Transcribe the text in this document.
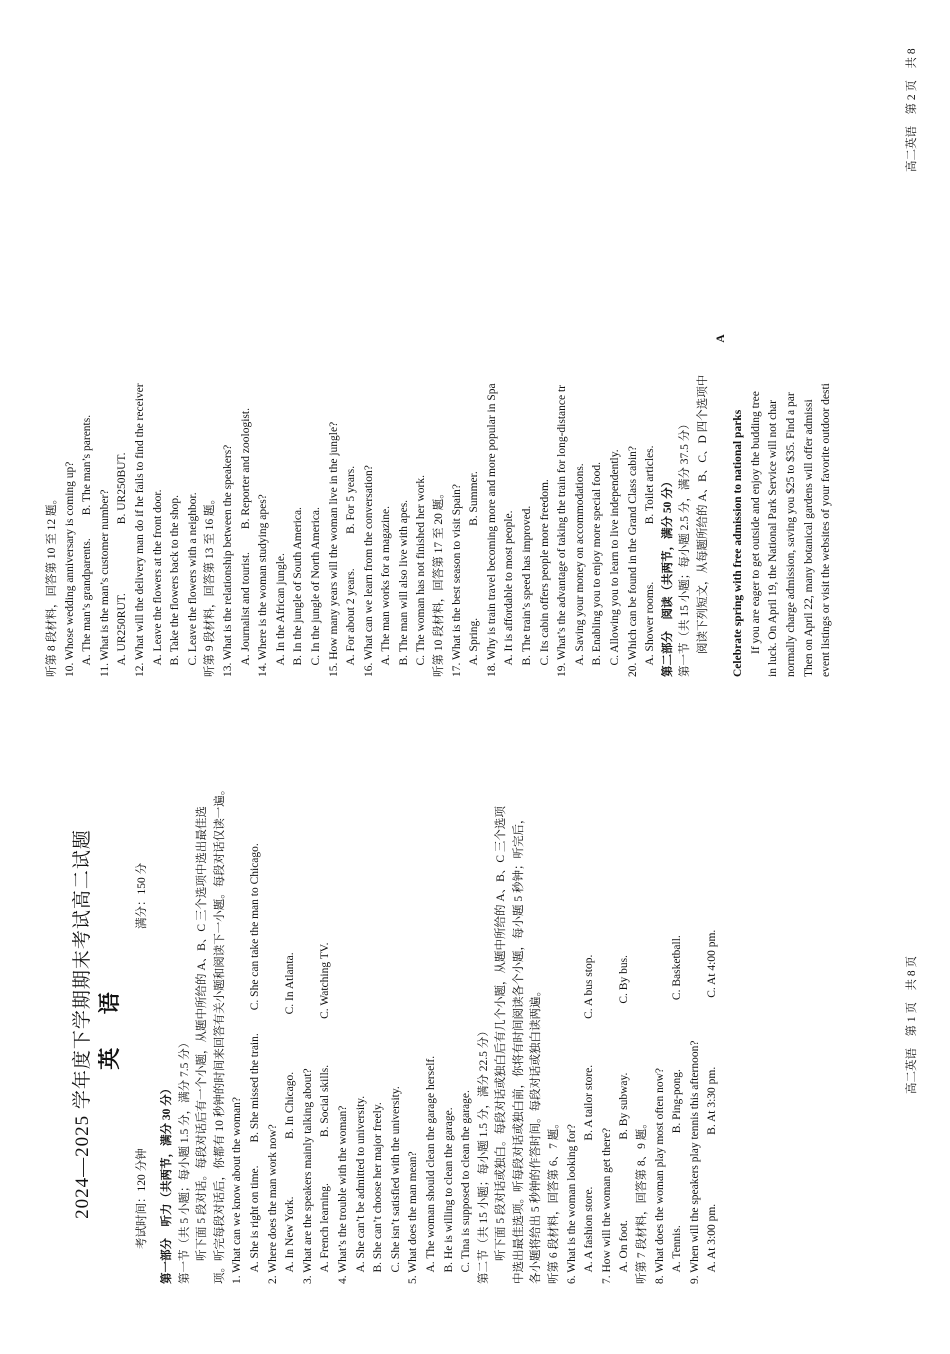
2024—2025 学年度下学期期末考试高二试题 英 语
考试时间：120 分钟
满分：150 分
第一部分　听力（共两节，满分 30 分） 第一节（共 5 小题；每小题 1.5 分，满分 7.5 分） 　　听下面 5 段对话。每段对话后有一个小题，从题中所给的 A、B、C 三个选项中选出最佳选 项。听完每段对话后，你都有 10 秒钟的时间来回答有关小题和阅读下一小题。每段对话仅读一遍。 1. What can we know about the woman? 　A. She is right on time.　　B. She missed the train.　　C. She can take the man to Chicago. 2. Where does the man work now? 　A. In New York.　　　　　B. In Chicago.　　　　　C. In Atlanta. 3. What are the speakers mainly talking about? 　A. French learning.　　　　B. Social skills.　　　　C. Watching TV. 4. What’s the trouble with the woman? 　A. She can’t be admitted to university. 　B. She can’t choose her major freely. 　C. She isn’t satisfied with the university. 5. What does the man mean? 　A. The woman should clean the garage herself. 　B. He is willing to clean the garage. 　C. Tina is supposed to clean the garage. 第二节（共 15 小题；每小题 1.5 分，满分 22.5 分） 　　听下面 5 段对话或独白。每段对话或独白后有几个小题，从题中所给的 A、B、C 三个选项 中选出最佳选项。听每段对话或独白前，你将有时间阅读各个小题，每小题 5 秒钟；听完后， 各小题将给出 5 秒钟的作答时间。每段对话或独白读两遍。 听第 6 段材料，回答第 6、7 题。 6. What is the woman looking for? 　A. A fashion store.　　　　B. A tailor store.　　　　C. A bus stop. 7. How will the woman get there? 　A. On foot.　　　　　　　B. By subway.　　　　　　C. By bus. 听第 7 段材料，回答第 8、9 题。 8. What does the woman play most often now? 　A. Tennis.　　　　　　　　B. Ping-pong.　　　　　　C. Basketball. 9. When will the speakers play tennis this afternoon? 　A. At 3:00 pm.　　　　　　B. At 3:30 pm.　　　　　　C. At 4:00 pm.	高二英语　第 1 页　共 8 页
听第 8 段材料，回答第 10 至 12 题。 10. Whose wedding anniversary is coming up? 　A. The man’s grandparents.　　B. The man’s parents. 11. What is the man’s customer number? 　A. UR250RUT.　　　　　　B. UR250BUT. 12. What will the delivery man do if he fails to find the receiver 　A. Leave the flowers at the front door. 　B. Take the flowers back to the shop. 　C. Leave the flowers with a neighbor. 听第 9 段材料，回答第 13 至 16 题。 13. What is the relationship between the speakers? 　A. Journalist and tourist.　　B. Reporter and zoologist. 14. Where is the woman studying apes? 　A. In the African jungle. 　B. In the jungle of South America. 　C. In the jungle of North America. 15. How many years will the woman live in the jungle? 　A. For about 2 years.　　　B. For 5 years. 16. What can we learn from the conversation? 　A. The man works for a magazine. 　B. The man will also live with apes. 　C. The woman has not finished her work. 听第 10 段材料，回答第 17 至 20 题。 17. What is the best season to visit Spain? 　A. Spring.　　　　　　　　B. Summer. 18. Why is train travel becoming more and more popular in Spa 　A. It is affordable to most people. 　B. The train’s speed has improved. 　C. Its cabin offers people more freedom. 19. What’s the advantage of taking the train for long-distance tr 　A. Saving your money on accommodations. 　B. Enabling you to enjoy more special food. 　C. Allowing you to learn to live independently. 20. Which can be found in the Grand Class cabin? 　A. Shower rooms.　　　　　B. Toilet articles. 第二部分　阅读（共两节，满分 50 分） 第一节（共 15 小题；每小题 2.5 分，满分 37.5 分） 　　阅读下列短文，从每题所给的 A、B、C、D 四个选项中
A
Celebrate spring with free admission to national parks 　　If you are eager to get outside and enjoy the budding tree in luck. On April 19, the National Park Service will not char normally charge admission, saving you $25 to $35. Find a par Then on April 22, many botanical gardens will offer admissi event listings or visit the websites of your favorite outdoor desti
高二英语　第 2 页　共 8
